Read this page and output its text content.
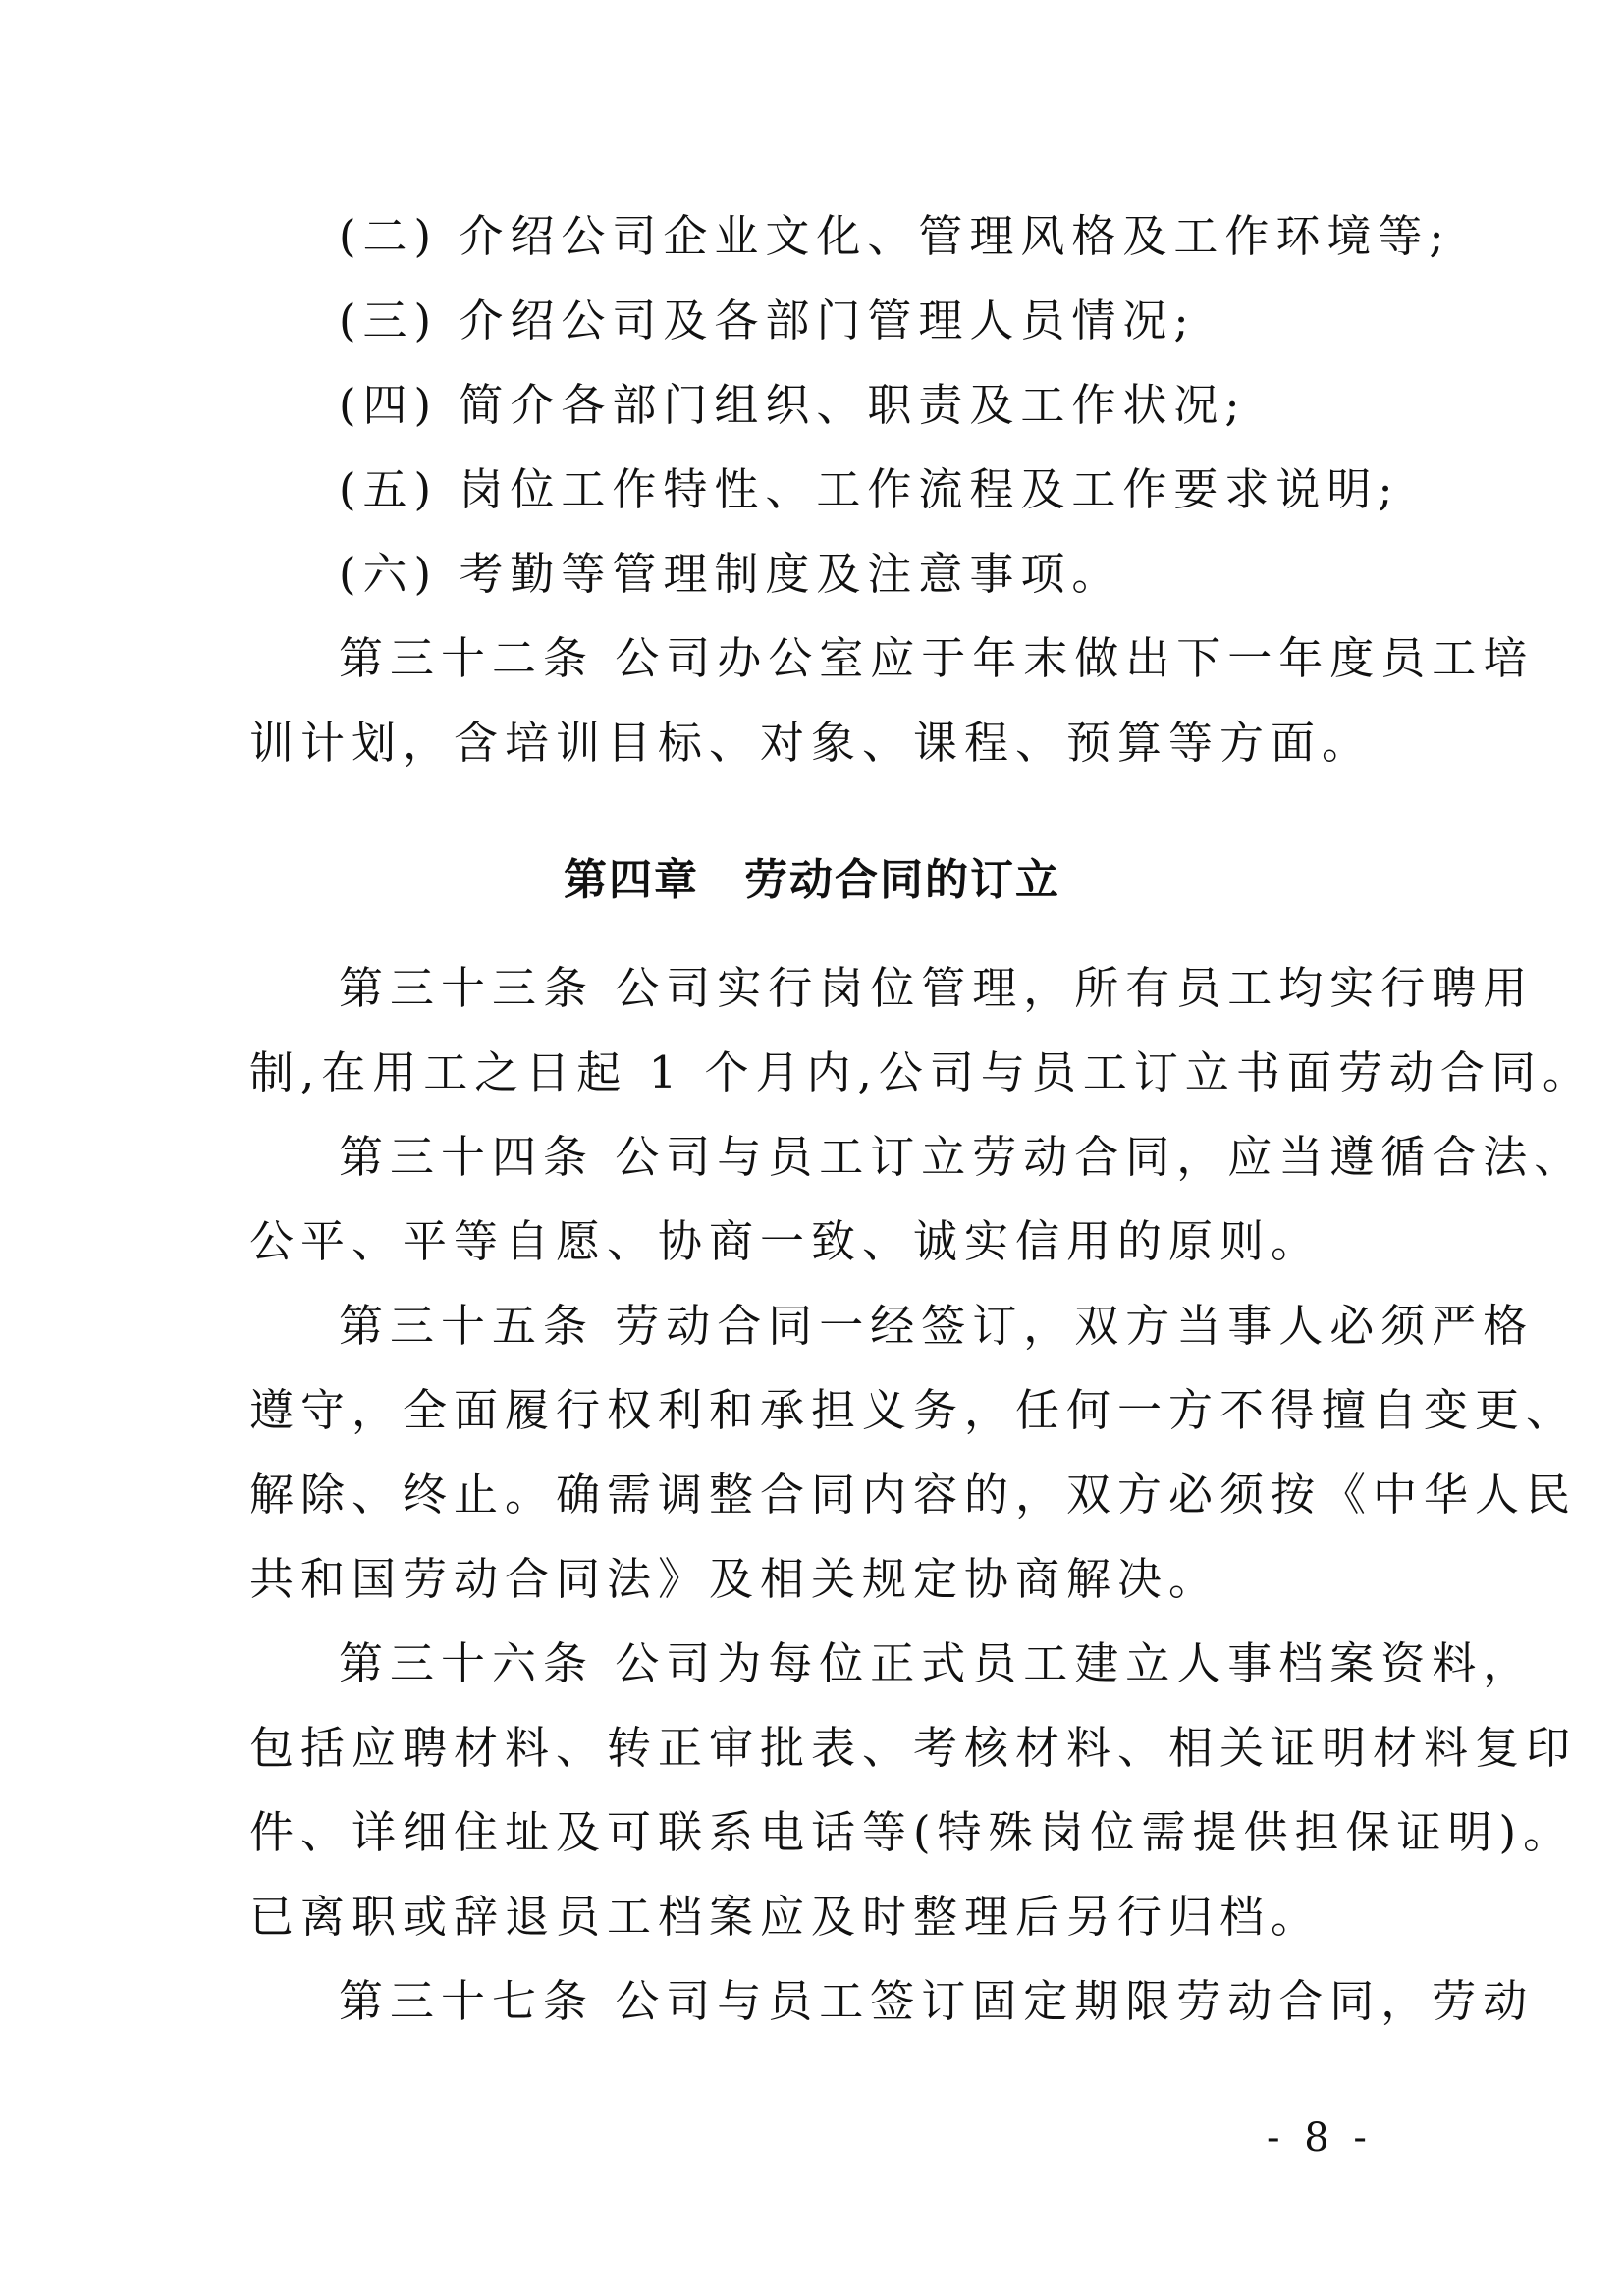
(二) 介绍公司企业文化、管理风格及工作环境等;
(三) 介绍公司及各部门管理人员情况;
(四) 简介各部门组织、职责及工作状况;
(五) 岗位工作特性、工作流程及工作要求说明;
(六) 考勤等管理制度及注意事项。
第三十二条 公司办公室应于年末做出下一年度员工培
训计划，含培训目标、对象、课程、预算等方面。
第四章　劳动合同的订立
第三十三条 公司实行岗位管理，所有员工均实行聘用
制,在用工之日起 1 个月内,公司与员工订立书面劳动合同。
第三十四条 公司与员工订立劳动合同，应当遵循合法、
公平、平等自愿、协商一致、诚实信用的原则。
第三十五条 劳动合同一经签订，双方当事人必须严格
遵守，全面履行权利和承担义务，任何一方不得擅自变更、
解除、终止。确需调整合同内容的，双方必须按《中华人民
共和国劳动合同法》及相关规定协商解决。
第三十六条 公司为每位正式员工建立人事档案资料，
包括应聘材料、转正审批表、考核材料、相关证明材料复印
件、详细住址及可联系电话等(特殊岗位需提供担保证明)。
已离职或辞退员工档案应及时整理后另行归档。
第三十七条 公司与员工签订固定期限劳动合同，劳动
- 8 -
